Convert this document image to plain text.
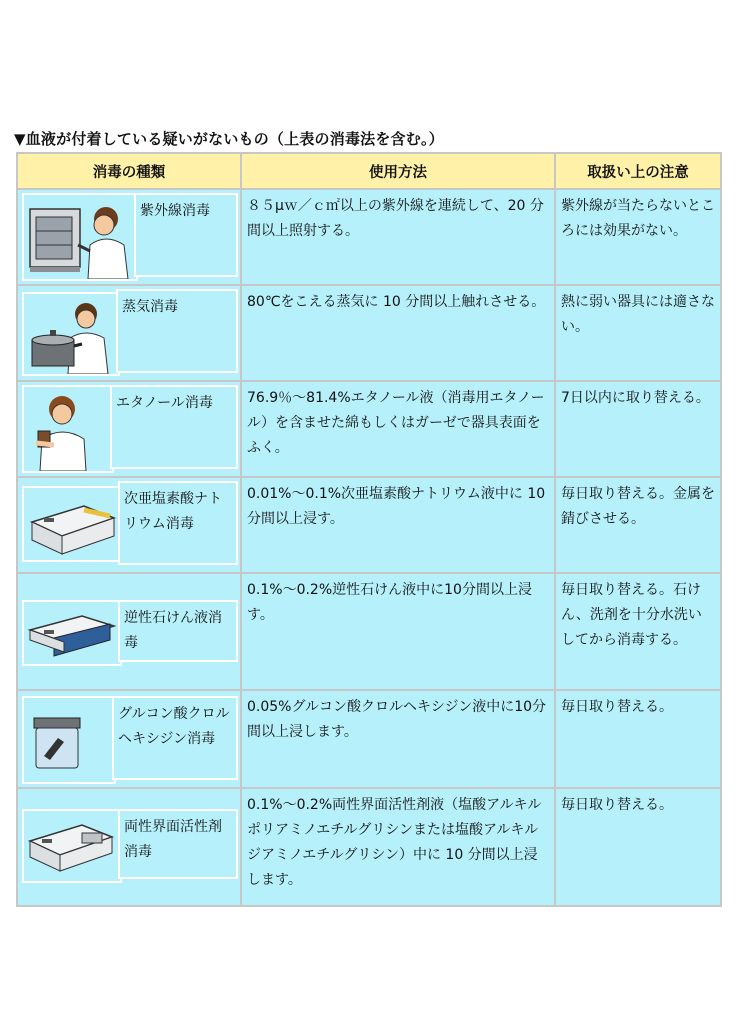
▼血液が付着している疑いがないもの（上表の消毒法を含む。）
消毒の種類	使用方法	取扱い上の注意

紫外線消毒	８５μｗ／ｃ㎡以上の紫外線を連続して、20 分間以上照射する。	紫外線が当たらないところには効果がない。

蒸気消毒	80℃をこえる蒸気に 10 分間以上触れさせる。	熱に弱い器具には適さない。

エタノール消毒	76.9％～81.4%エタノール液（消毒用エタノール）を含ませた綿もしくはガーゼで器具表面をふく。	7日以内に取り替える。

次亜塩素酸ナトリウム消毒	0.01%～0.1%次亜塩素酸ナトリウム液中に 10 分間以上浸す。	毎日取り替える。金属を錆びさせる。

逆性石けん液消毒	0.1%～0.2%逆性石けん液中に10分間以上浸す。	毎日取り替える。石けん、洗剤を十分水洗いしてから消毒する。

グルコン酸クロルヘキシジン消毒	0.05%グルコン酸クロルヘキシジン液中に10分間以上浸します。	毎日取り替える。

両性界面活性剤消毒	0.1%～0.2%両性界面活性剤液（塩酸アルキルポリアミノエチルグリシンまたは塩酸アルキルジアミノエチルグリシン）中に 10 分間以上浸します。	毎日取り替える。
